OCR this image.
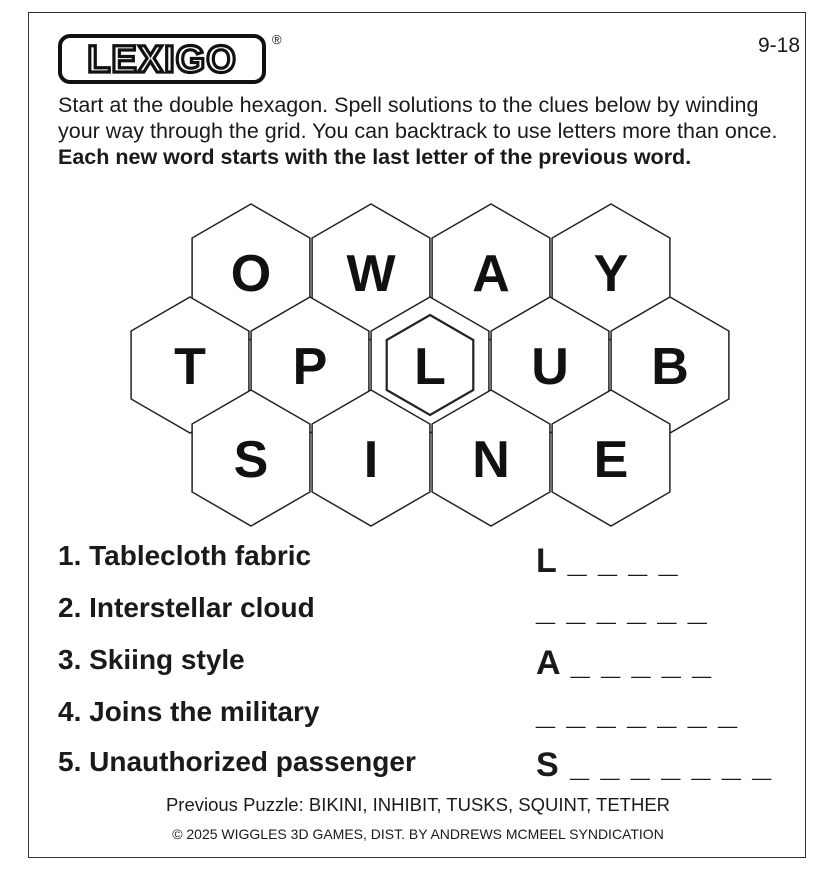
LEXIGO	®	9-18
Start at the double hexagon. Spell solutions to the clues below by winding your way through the grid. You can backtrack to use letters more than once. Each new word starts with the last letter of the previous word.
O W A Y
T P L U B
S I N E
1. Tablecloth fabric	L _ _ _ _
2. Interstellar cloud	_ _ _ _ _ _
3. Skiing style	A _ _ _ _ _
4. Joins the military	_ _ _ _ _ _ _
5. Unauthorized passenger	S _ _ _ _ _ _ _
Previous Puzzle: BIKINI, INHIBIT, TUSKS, SQUINT, TETHER
© 2025 WIGGLES 3D GAMES, DIST. BY ANDREWS MCMEEL SYNDICATION
